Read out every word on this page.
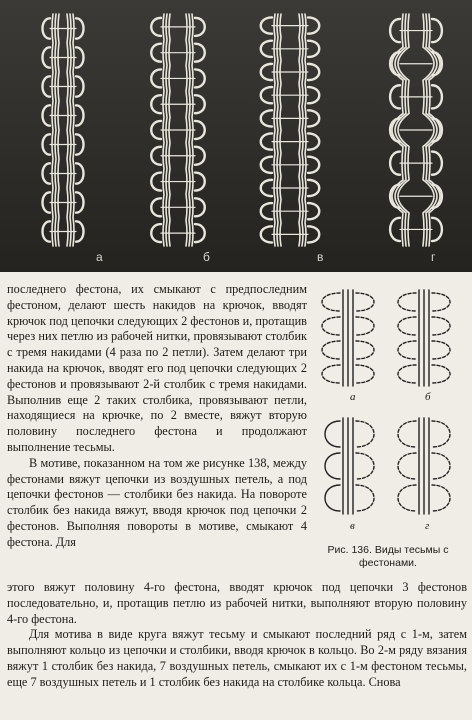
а	б	в	г

последнего фестона, их смыкают с предпоследним фестоном, делают шесть накидов на крючок, вводят крючок под цепочки следующих 2 фестонов и, протащив через них петлю из рабочей нитки, провязывают столбик с тремя накидами (4 раза по 2 петли). Затем делают три накида на крючок, вводят его под цепочки следующих 2 фестонов и провязывают 2-й столбик с тремя накидами. Выполнив еще 2 таких столбика, провязывают петли, находящиеся на крючке, по 2 вместе, вяжут вторую половину последнего фестона и продолжают выполнение тесьмы.

В мотиве, показанном на том же рисунке 138, между фестонами вяжут цепочки из воздушных петель, а под цепочки фестонов — столбики без накида. На повороте столбик без накида вяжут, вводя крючок под цепочки 2 фестонов. Выполняя повороты в мотиве, смыкают 4 фестона. Для

а	б
в	г
Рис. 136. Виды тесьмы с фестонами.

этого вяжут половину 4-го фестона, вводят крючок под цепочки 3 фестонов последовательно, и, протащив петлю из рабочей нитки, выполняют вторую половину 4-го фестона.

Для мотива в виде круга вяжут тесьму и смыкают последний ряд с 1-м, затем выполняют кольцо из цепочки и столбики, вводя крючок в кольцо. Во 2-м ряду вязания вяжут 1 столбик без накида, 7 воздушных петель, смыкают их с 1-м фестоном тесьмы, еще 7 воздушных петель и 1 столбик без накида на столбике кольца. Снова
